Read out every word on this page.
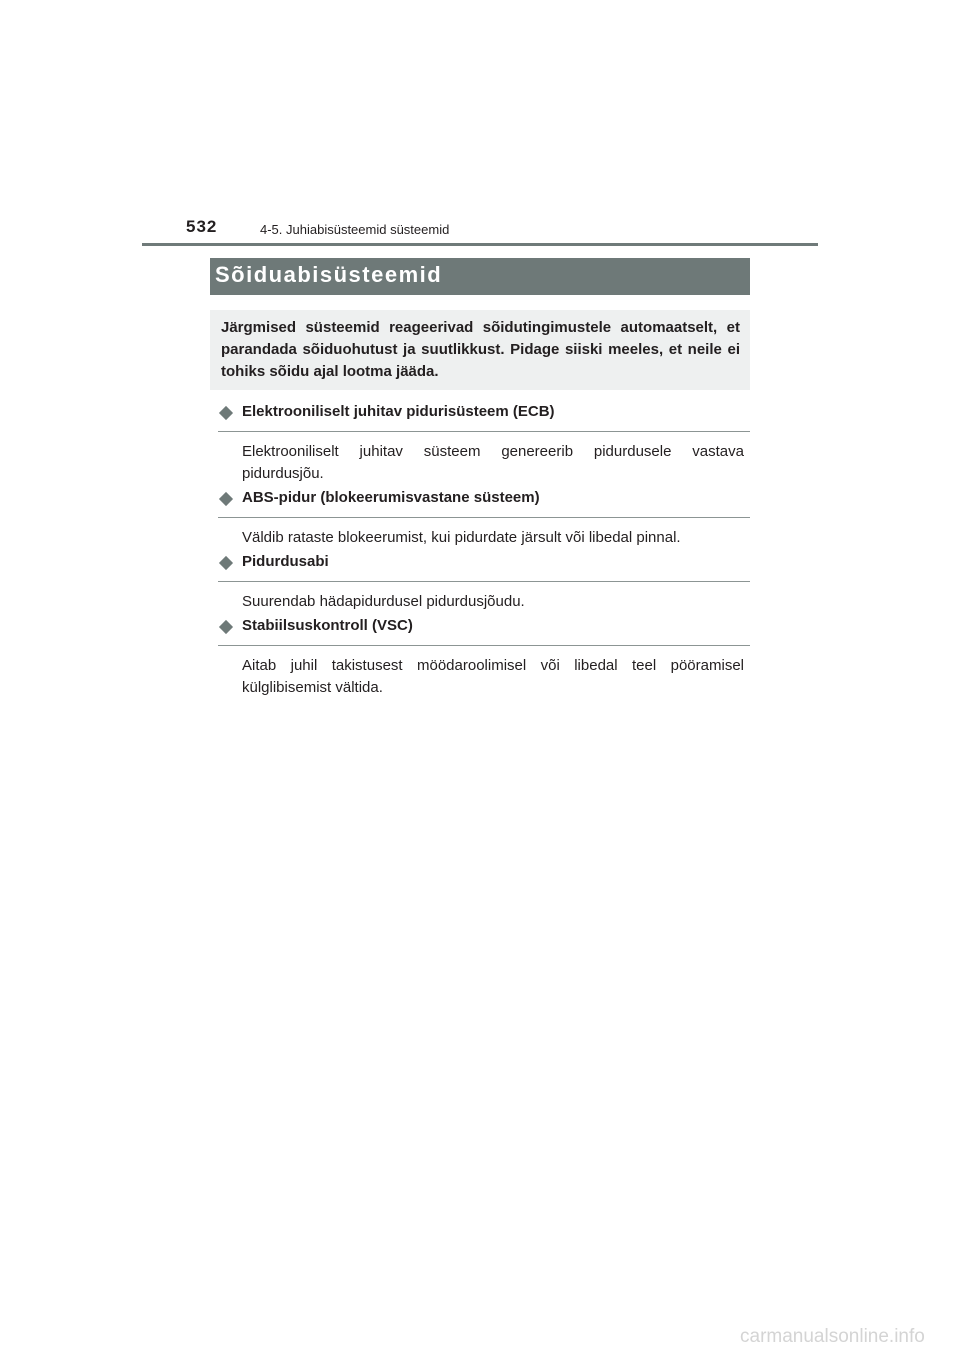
532	4-5. Juhiabisüsteemid süsteemid
Sõiduabisüsteemid

Järgmised süsteemid reageerivad sõidutingimustele automaatselt, et parandada sõiduohutust ja suutlikkust. Pidage siiski meeles, et neile ei tohiks sõidu ajal lootma jääda.

Elektrooniliselt juhitav pidurisüsteem (ECB)

Elektrooniliselt juhitav süsteem genereerib pidurdusele vastava pidurdusjõu.

ABS-pidur (blokeerumisvastane süsteem)

Väldib rataste blokeerumist, kui pidurdate järsult või libedal pinnal.

Pidurdusabi

Suurendab hädapidurdusel pidurdusjõudu.

Stabiilsuskontroll (VSC)

Aitab juhil takistusest möödaroolimisel või libedal teel pööramisel külglibisemist vältida.

carmanualsonline.info
